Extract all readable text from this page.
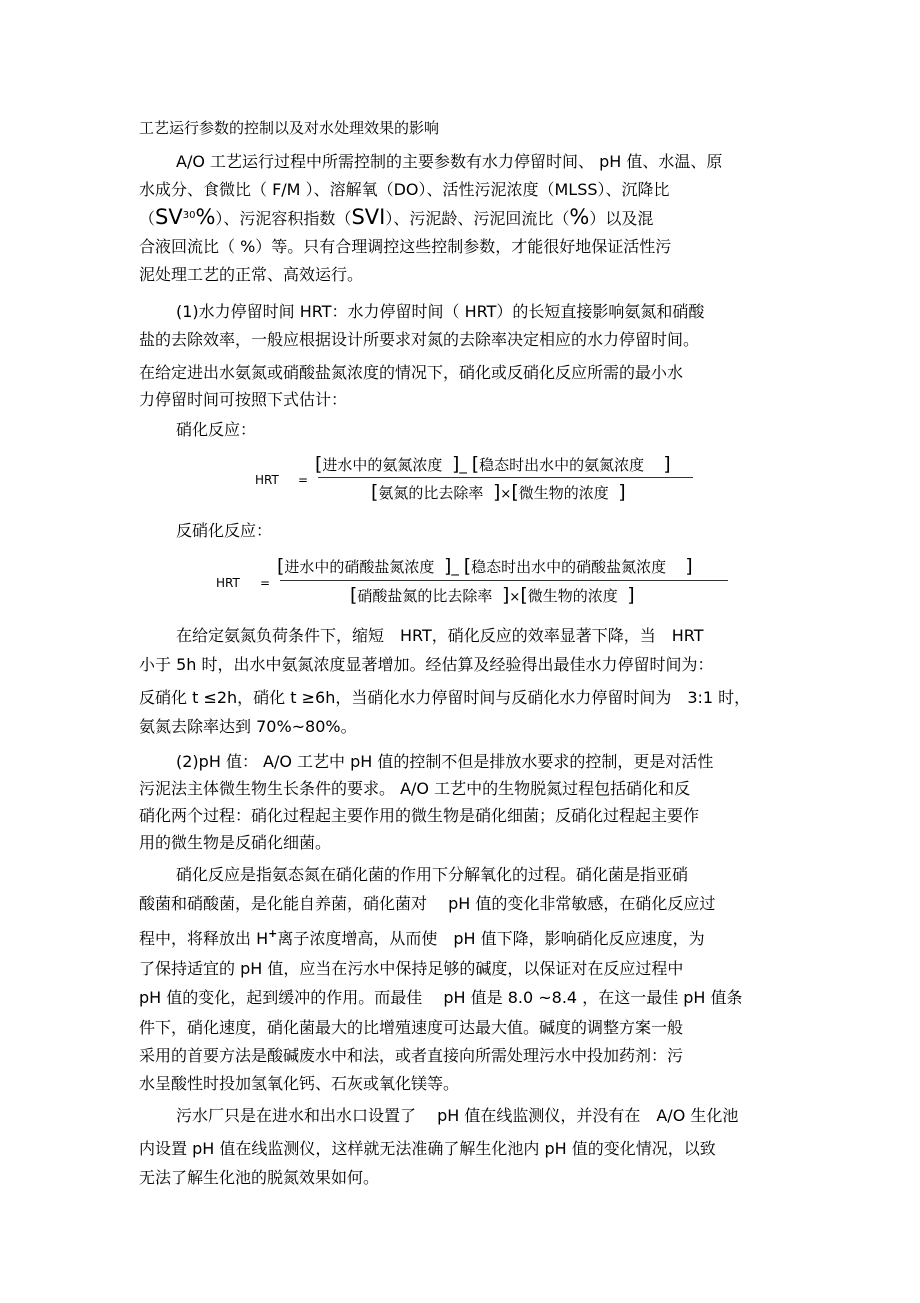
工艺运行参数的控制以及对水处理效果的影响
A/O 工艺运行过程中所需控制的主要参数有水力停留时间、 pH 值、水温、原
水成分、食微比（ F/M ）、溶解氧（DO）、活性污泥浓度（MLSS）、沉降比
（SV$^{30}$%）、污泥容积指数（SVI）、污泥龄、污泥回流比（%）以及混
合液回流比（ %）等。只有合理调控这些控制参数，才能很好地保证活性污
泥处理工艺的正常、高效运行。
(1)水力停留时间 HRT：水力停留时间（ HRT）的长短直接影响氨氮和硝酸
盐的去除效率，一般应根据设计所要求对氮的去除率决定相应的水力停留时间。
在给定进出水氨氮或硝酸盐氮浓度的情况下，硝化或反硝化反应所需的最小水
力停留时间可按照下式估计：
硝化反应：
HRT =
[进水中的氨氮浓度 ]_ [稳态时出水中的氨氮浓度 ]
[氨氮的比去除率 ]×[微生物的浓度 ]
反硝化反应：
HRT =
[进水中的硝酸盐氮浓度 ]_ [稳态时出水中的硝酸盐氮浓度 ]
[硝酸盐氮的比去除率 ]×[微生物的浓度 ]
在给定氨氮负荷条件下，缩短　HRT，硝化反应的效率显著下降，当　HRT
小于 5h 时，出水中氨氮浓度显著增加。经估算及经验得出最佳水力停留时间为：
反硝化 t ≤2h，硝化 t ≥6h，当硝化水力停留时间与反硝化水力停留时间为　3:1 时，
氨氮去除率达到 70%~80%。
(2)pH 值： A/O 工艺中 pH 值的控制不但是排放水要求的控制，更是对活性
污泥法主体微生物生长条件的要求。 A/O 工艺中的生物脱氮过程包括硝化和反
硝化两个过程：硝化过程起主要作用的微生物是硝化细菌；反硝化过程起主要作
用的微生物是反硝化细菌。
硝化反应是指氨态氮在硝化菌的作用下分解氧化的过程。硝化菌是指亚硝
酸菌和硝酸菌，是化能自养菌，硝化菌对　 pH 值的变化非常敏感，在硝化反应过
程中，将释放出 H+离子浓度增高，从而使　pH 值下降，影响硝化反应速度，为
了保持适宜的 pH 值，应当在污水中保持足够的碱度，以保证对在反应过程中
pH 值的变化，起到缓冲的作用。而最佳　 pH 值是 8.0 ~8.4 ，在这一最佳 pH 值条
件下，硝化速度，硝化菌最大的比增殖速度可达最大值。碱度的调整方案一般
采用的首要方法是酸碱废水中和法，或者直接向所需处理污水中投加药剂：污
水呈酸性时投加氢氧化钙、石灰或氧化镁等。
污水厂只是在进水和出水口设置了　 pH 值在线监测仪，并没有在　A/O 生化池
内设置 pH 值在线监测仪，这样就无法准确了解生化池内 pH 值的变化情况，以致
无法了解生化池的脱氮效果如何。
